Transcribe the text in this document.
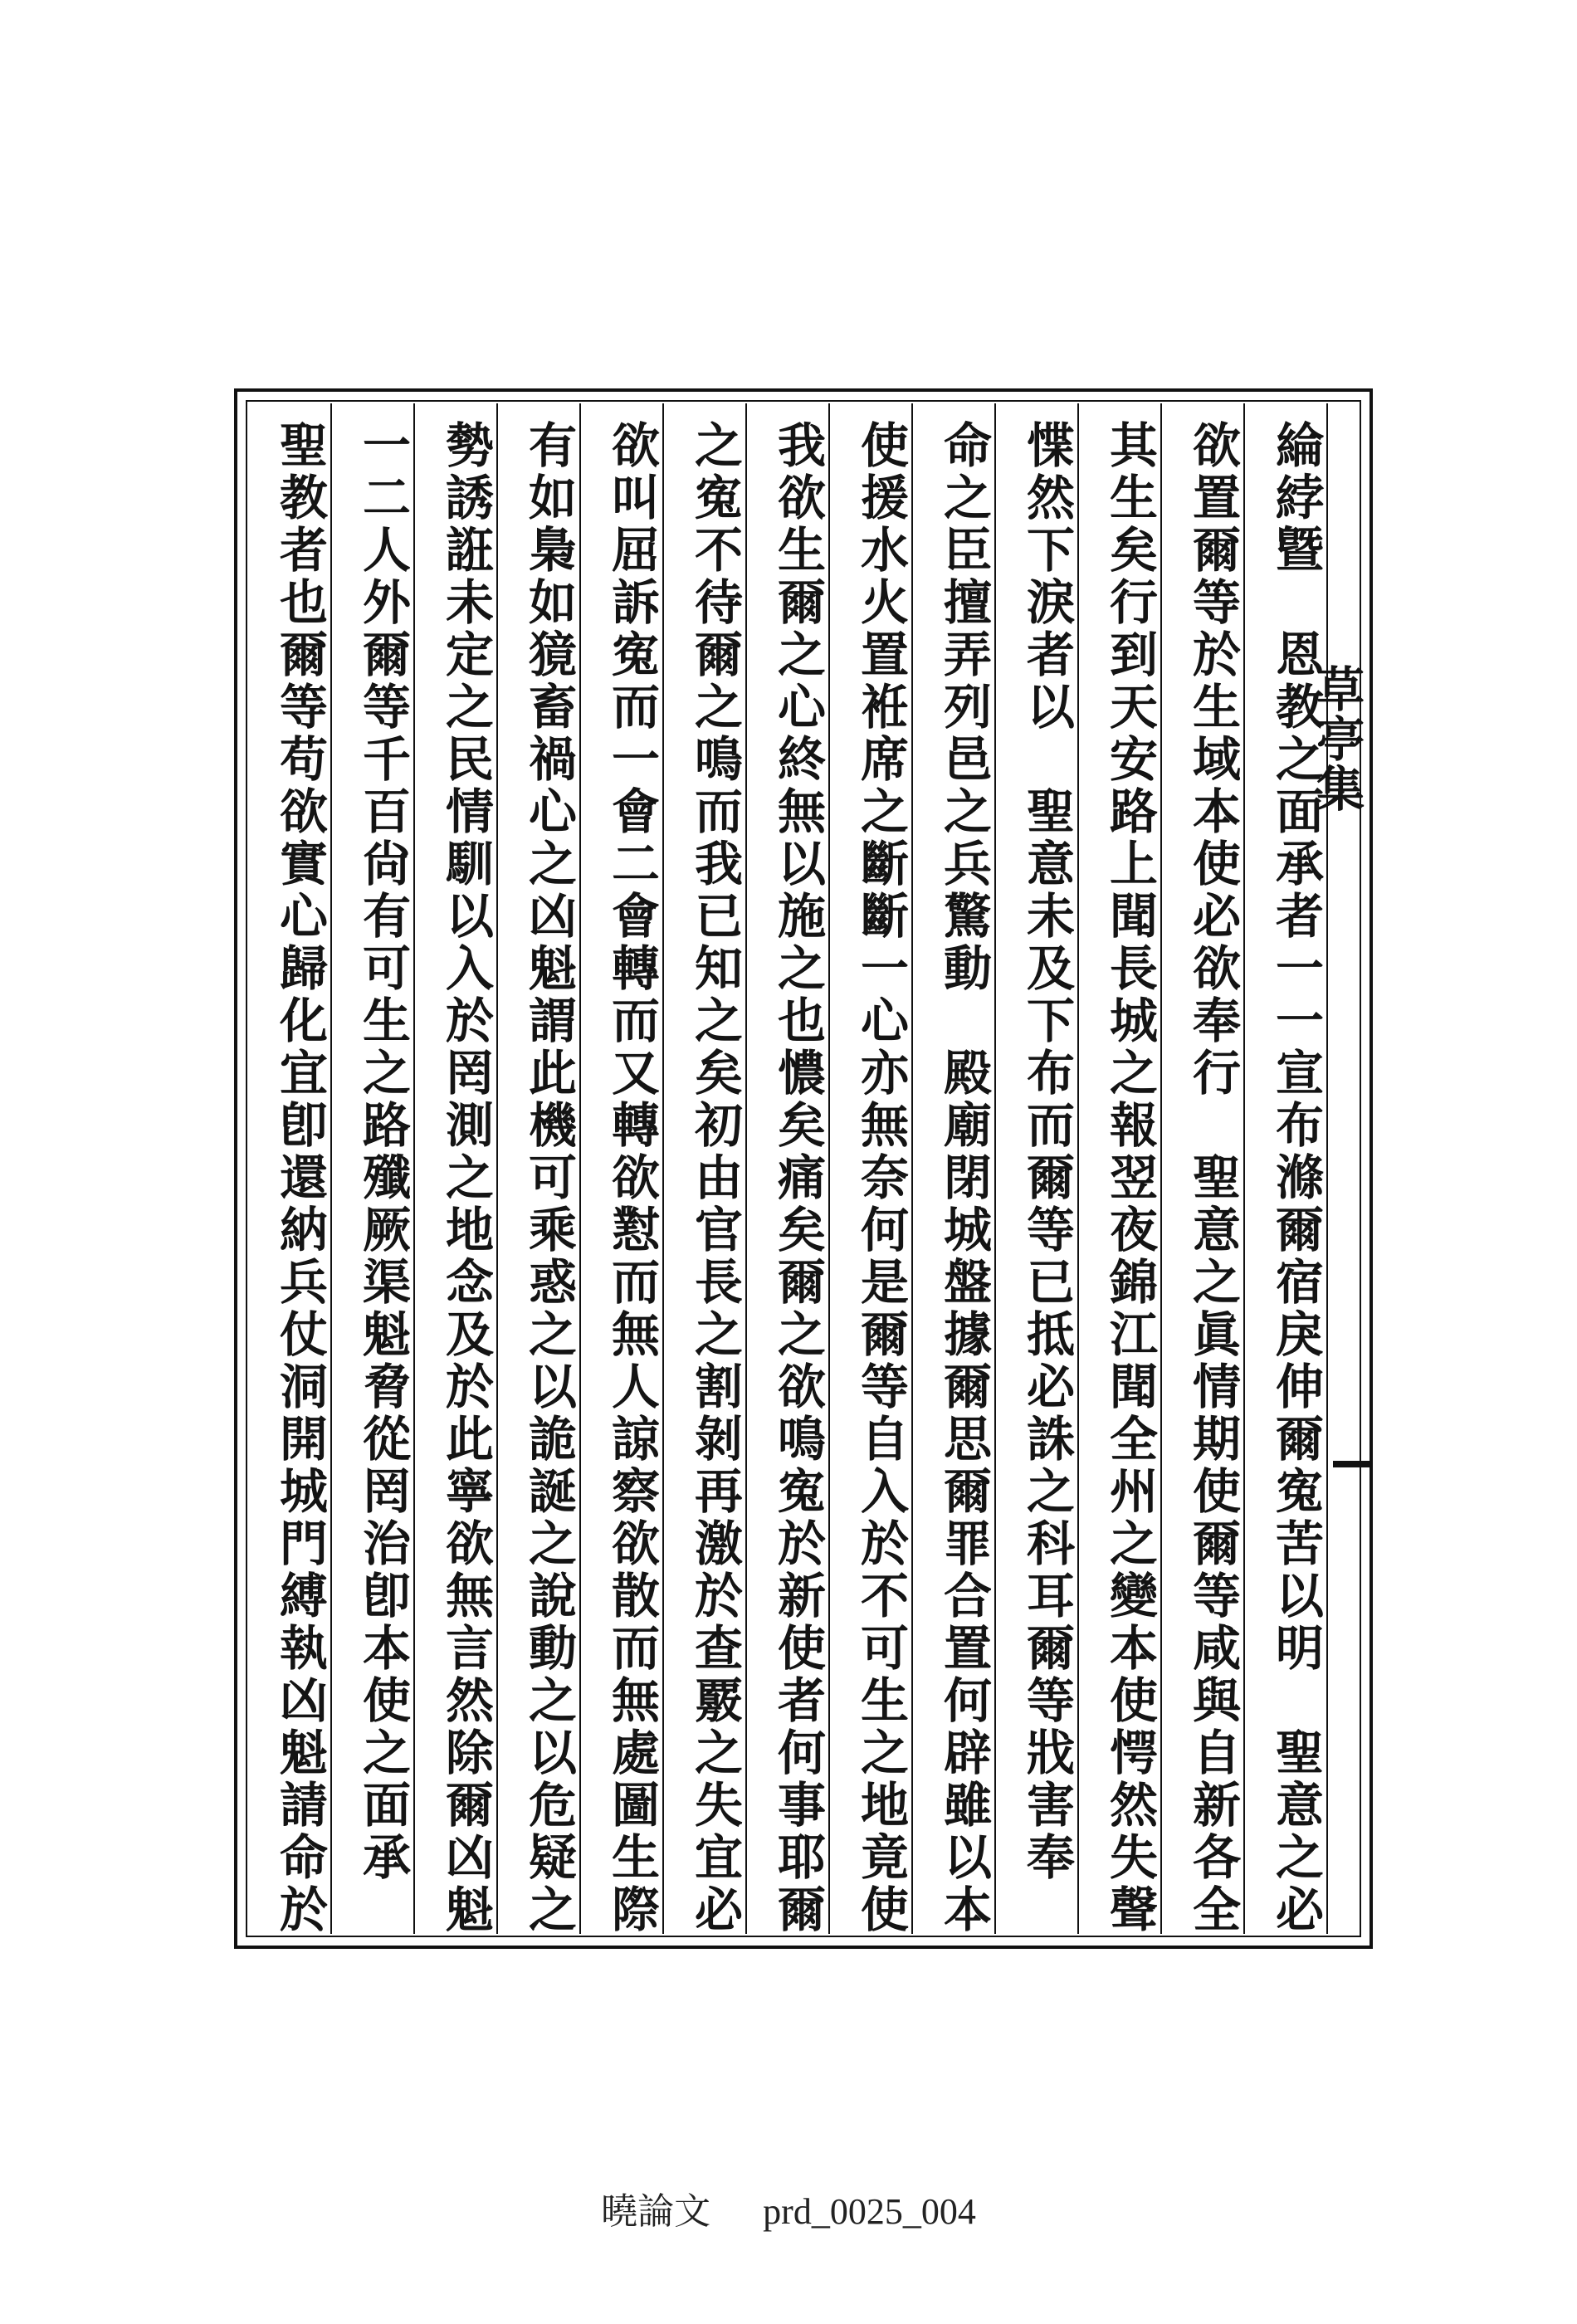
綸綍曁　恩教之面承者一一宣布滌爾宿戾伸爾寃苦以明　聖意之必
欲置爾等於生域本使必欲奉行　聖意之眞情期使爾等咸與自新各全
其生矣行到天安路上聞長城之報翌夜錦江聞全州之變本使愕然失聲
惵然下淚者以　聖意未及下布而爾等已抵必誅之科耳爾等戕害奉
命之臣擅弄列邑之兵驚動　殿廟閉城盤據爾思爾罪合置何辟雖以本
使援水火置袵席之斷斷一心亦無奈何是爾等自入於不可生之地竟使
我欲生爾之心終無以施之也憹矣痛矣爾之欲鳴寃於新使者何事耶爾
之寃不待爾之鳴而我已知之矣初由官長之割剝再激於查覈之失宜必
欲叫屈訴寃而一會二會轉而又轉欲懟而無人諒察欲散而無處圖生際
有如梟如獍畜禍心之凶魁謂此機可乘惑之以詭誕之說動之以危疑之
勢誘誑未定之民情馴以入於罔測之地念及於此寧欲無言然除爾凶魁
一二人外爾等千百尙有可生之路殲厥渠魁脅從罔治卽本使之面承
聖教者也爾等苟欲實心歸化宜卽還納兵仗洞開城門縛執凶魁請命於	草亭集
曉論文 prd_0025_004
